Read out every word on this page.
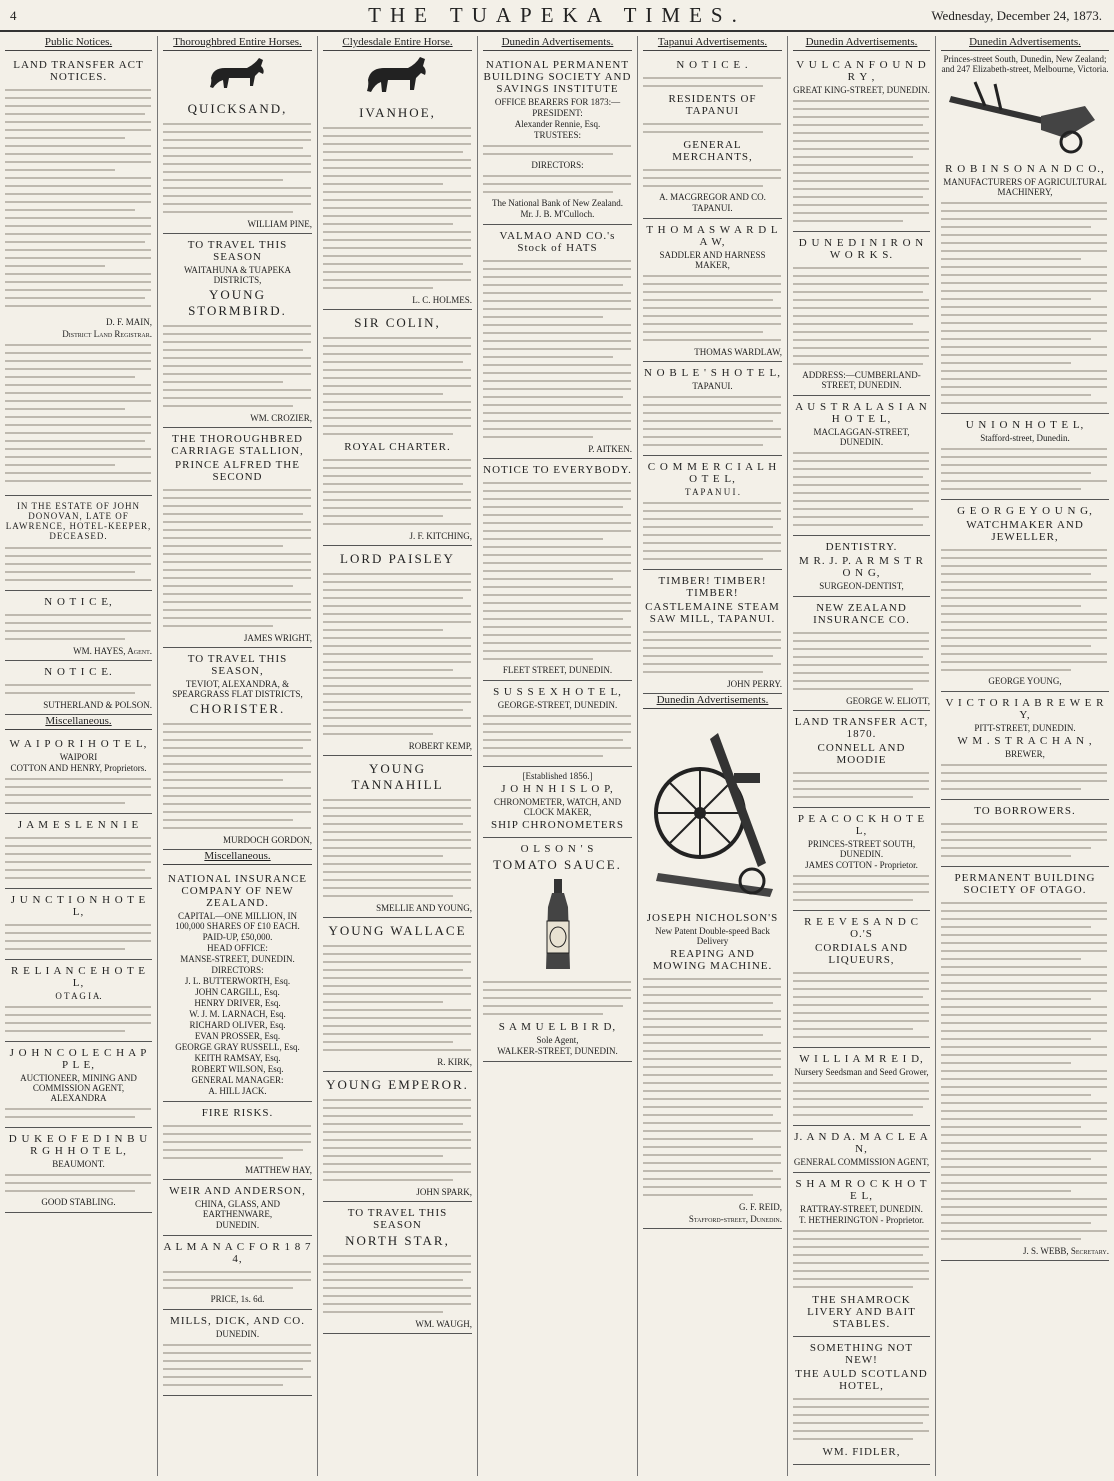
4	THE TUAPEKA TIMES.	Wednesday, December 24, 1873.
Public Notices.
LAND TRANSFER ACT NOTICES.
D. F. MAIN,
District Land Registrar.
IN THE ESTATE OF JOHN DONOVAN, LATE OF LAWRENCE, HOTEL-KEEPER, DECEASED.
N O T I C E,
WM. HAYES, Agent.
N O T I C E.
SUTHERLAND & POLSON.
Miscellaneous.
W A I P O R I H O T E L,
WAIPORI
COTTON AND HENRY, Proprietors.
J A M E S L E N N I E
J U N C T I O N H O T E L,
R E L I A N C E H O T E L,
O T A G I A.
J O H N C O L E C H A P P L E,
AUCTIONEER, MINING AND COMMISSION AGENT, ALEXANDRA
D U K E O F E D I N B U R G H H O T E L,
BEAUMONT.
GOOD STABLING.
Thoroughbred Entire Horses.
QUICKSAND,
WILLIAM PINE,
TO TRAVEL THIS SEASON
WAITAHUNA & TUAPEKA DISTRICTS,
YOUNG STORMBIRD.
WM. CROZIER,
THE THOROUGHBRED CARRIAGE STALLION,
PRINCE ALFRED THE SECOND
JAMES WRIGHT,
TO TRAVEL THIS SEASON,
TEVIOT, ALEXANDRA, & SPEARGRASS FLAT DISTRICTS,
CHORISTER.
MURDOCH GORDON,
Miscellaneous.
NATIONAL INSURANCE COMPANY OF NEW ZEALAND.
CAPITAL—ONE MILLION, IN 100,000 SHARES OF £10 EACH.
PAID-UP, £50,000.
HEAD OFFICE:
MANSE-STREET, DUNEDIN.
DIRECTORS:
J. L. BUTTERWORTH, Esq.
JOHN CARGILL, Esq.
HENRY DRIVER, Esq.
W. J. M. LARNACH, Esq.
RICHARD OLIVER, Esq.
EVAN PROSSER, Esq.
GEORGE GRAY RUSSELL, Esq.
KEITH RAMSAY, Esq.
ROBERT WILSON, Esq.
GENERAL MANAGER:
A. HILL JACK.
FIRE RISKS.
MATTHEW HAY,
WEIR AND ANDERSON,
CHINA, GLASS, AND EARTHENWARE,
DUNEDIN.
A L M A N A C F O R 1 8 7 4,
PRICE, 1s. 6d.
MILLS, DICK, AND CO.
DUNEDIN.
Clydesdale Entire Horse.
IVANHOE,
L. C. HOLMES.
SIR COLIN,
ROYAL CHARTER.
J. F. KITCHING,
LORD PAISLEY
ROBERT KEMP,
YOUNG TANNAHILL
SMELLIE AND YOUNG,
YOUNG WALLACE
R. KIRK,
YOUNG EMPEROR.
JOHN SPARK,
TO TRAVEL THIS SEASON
NORTH STAR,
WM. WAUGH,
Dunedin Advertisements.
NATIONAL PERMANENT BUILDING SOCIETY AND SAVINGS INSTITUTE
OFFICE BEARERS FOR 1873:—
PRESIDENT:
Alexander Rennie, Esq.
TRUSTEES:
DIRECTORS:
The National Bank of New Zealand.
Mr. J. B. M'Culloch.
VALMAO AND CO.'s Stock of HATS
P. AITKEN.
NOTICE TO EVERYBODY.
FLEET STREET, DUNEDIN.
S U S S E X H O T E L,
GEORGE-STREET, DUNEDIN.
[Established 1856.]
J O H N H I S L O P,
CHRONOMETER, WATCH, AND CLOCK MAKER,
SHIP CHRONOMETERS
O L S O N ' S
TOMATO SAUCE.
S A M U E L B I R D,
Sole Agent,
WALKER-STREET, DUNEDIN.
Tapanui Advertisements.
N O T I C E .
RESIDENTS OF TAPANUI
GENERAL MERCHANTS,
A. MACGREGOR AND CO.
TAPANUI.
T H O M A S W A R D L A W,
SADDLER AND HARNESS MAKER,
THOMAS WARDLAW,
N O B L E ' S H O T E L,
TAPANUI.
C O M M E R C I A L H O T E L,
T A P A N U I .
TIMBER! TIMBER! TIMBER!
CASTLEMAINE STEAM SAW MILL, TAPANUI.
JOHN PERRY.
Dunedin Advertisements.
JOSEPH NICHOLSON'S
New Patent Double-speed Back Delivery
REAPING AND MOWING MACHINE.
G. F. REID,
Stafford-street, Dunedin.
Dunedin Advertisements.
V U L C A N F O U N D R Y ,
GREAT KING-STREET, DUNEDIN.
D U N E D I N I R O N W O R K S.
ADDRESS:—CUMBERLAND-STREET, DUNEDIN.
A U S T R A L A S I A N H O T E L,
MACLAGGAN-STREET, DUNEDIN.
DENTISTRY.
M R. J. P. A R M S T R O N G,
SURGEON-DENTIST,
NEW ZEALAND INSURANCE CO.
GEORGE W. ELIOTT,
LAND TRANSFER ACT, 1870.
CONNELL AND MOODIE
P E A C O C K H O T E L,
PRINCES-STREET SOUTH, DUNEDIN.
JAMES COTTON - Proprietor.
R E E V E S A N D C O.'S
CORDIALS AND LIQUEURS,
W I L L I A M R E I D,
Nursery Seedsman and Seed Grower,
J. A N D A. M A C L E A N,
GENERAL COMMISSION AGENT,
S H A M R O C K H O T E L,
RATTRAY-STREET, DUNEDIN.
T. HETHERINGTON - Proprietor.
THE SHAMROCK LIVERY AND BAIT STABLES.
SOMETHING NOT NEW!
THE AULD SCOTLAND HOTEL,
WM. FIDLER,
Dunedin Advertisements.
Princes-street South, Dunedin, New Zealand; and 247 Elizabeth-street, Melbourne, Victoria.
R O B I N S O N A N D C O.,
MANUFACTURERS OF AGRICULTURAL MACHINERY,
U N I O N H O T E L,
Stafford-street, Dunedin.
G E O R G E Y O U N G,
WATCHMAKER AND JEWELLER,
GEORGE YOUNG,
V I C T O R I A B R E W E R Y,
PITT-STREET, DUNEDIN.
W M . S T R A C H A N ,
BREWER,
TO BORROWERS.
PERMANENT BUILDING SOCIETY OF OTAGO.
J. S. WEBB, Secretary.
